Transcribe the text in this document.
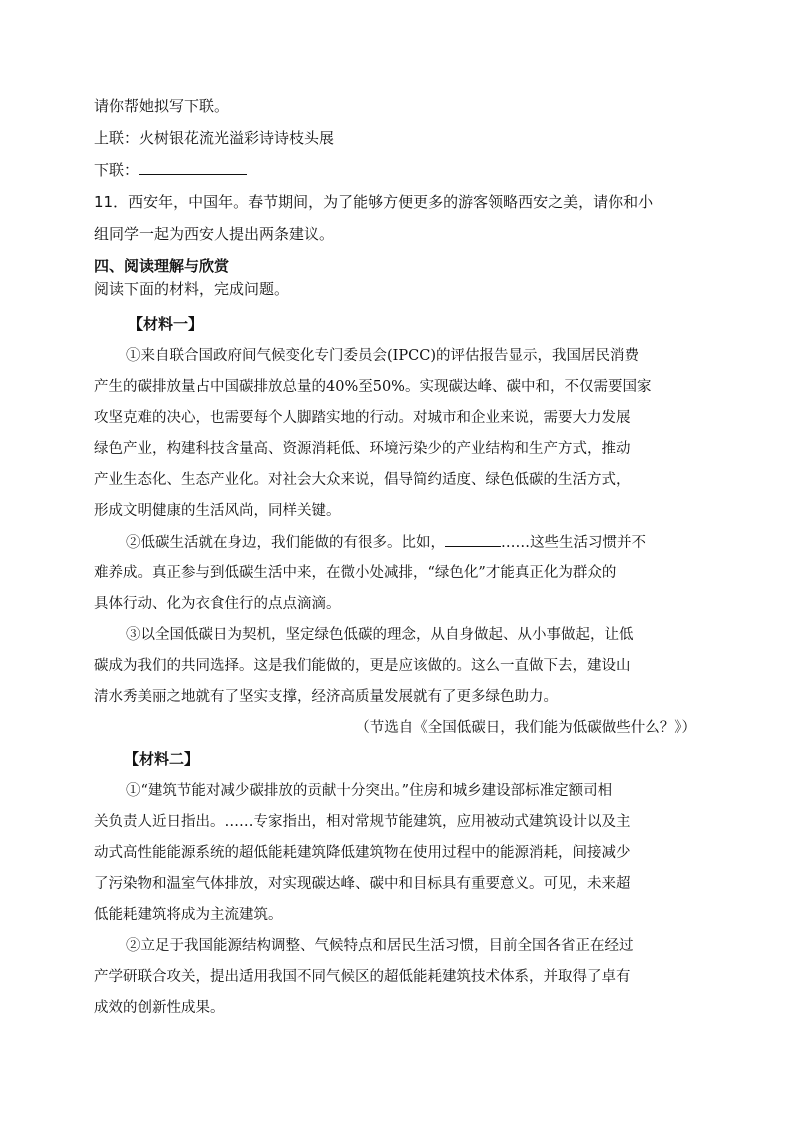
请你帮她拟写下联。
上联：火树银花流光溢彩诗诗枝头展
下联：
11．西安年，中国年。春节期间，为了能够方便更多的游客领略西安之美，请你和小
组同学一起为西安人提出两条建议。
四、阅读理解与欣赏
阅读下面的材料，完成问题。
【材料一】
①来自联合国政府间气候变化专门委员会(IPCC)的评估报告显示，我国居民消费
产生的碳排放量占中国碳排放总量的40%至50%。实现碳达峰、碳中和，不仅需要国家
攻坚克难的决心，也需要每个人脚踏实地的行动。对城市和企业来说，需要大力发展
绿色产业，构建科技含量高、资源消耗低、环境污染少的产业结构和生产方式，推动
产业生态化、生态产业化。对社会大众来说，倡导简约适度、绿色低碳的生活方式，
形成文明健康的生活风尚，同样关键。
②低碳生活就在身边，我们能做的有很多。比如，	……这些生活习惯并不
难养成。真正参与到低碳生活中来，在微小处减排，“绿色化”才能真正化为群众的
具体行动、化为衣食住行的点点滴滴。
③以全国低碳日为契机，坚定绿色低碳的理念，从自身做起、从小事做起，让低
碳成为我们的共同选择。这是我们能做的，更是应该做的。这么一直做下去，建设山
清水秀美丽之地就有了坚实支撑，经济高质量发展就有了更多绿色助力。
（节选自《全国低碳日，我们能为低碳做些什么？》）
【材料二】
①“建筑节能对减少碳排放的贡献十分突出。”住房和城乡建设部标准定额司相
关负责人近日指出。……专家指出，相对常规节能建筑，应用被动式建筑设计以及主
动式高性能能源系统的超低能耗建筑降低建筑物在使用过程中的能源消耗，间接减少
了污染物和温室气体排放，对实现碳达峰、碳中和目标具有重要意义。可见，未来超
低能耗建筑将成为主流建筑。
②立足于我国能源结构调整、气候特点和居民生活习惯，目前全国各省正在经过
产学研联合攻关，提出适用我国不同气候区的超低能耗建筑技术体系，并取得了卓有
成效的创新性成果。
